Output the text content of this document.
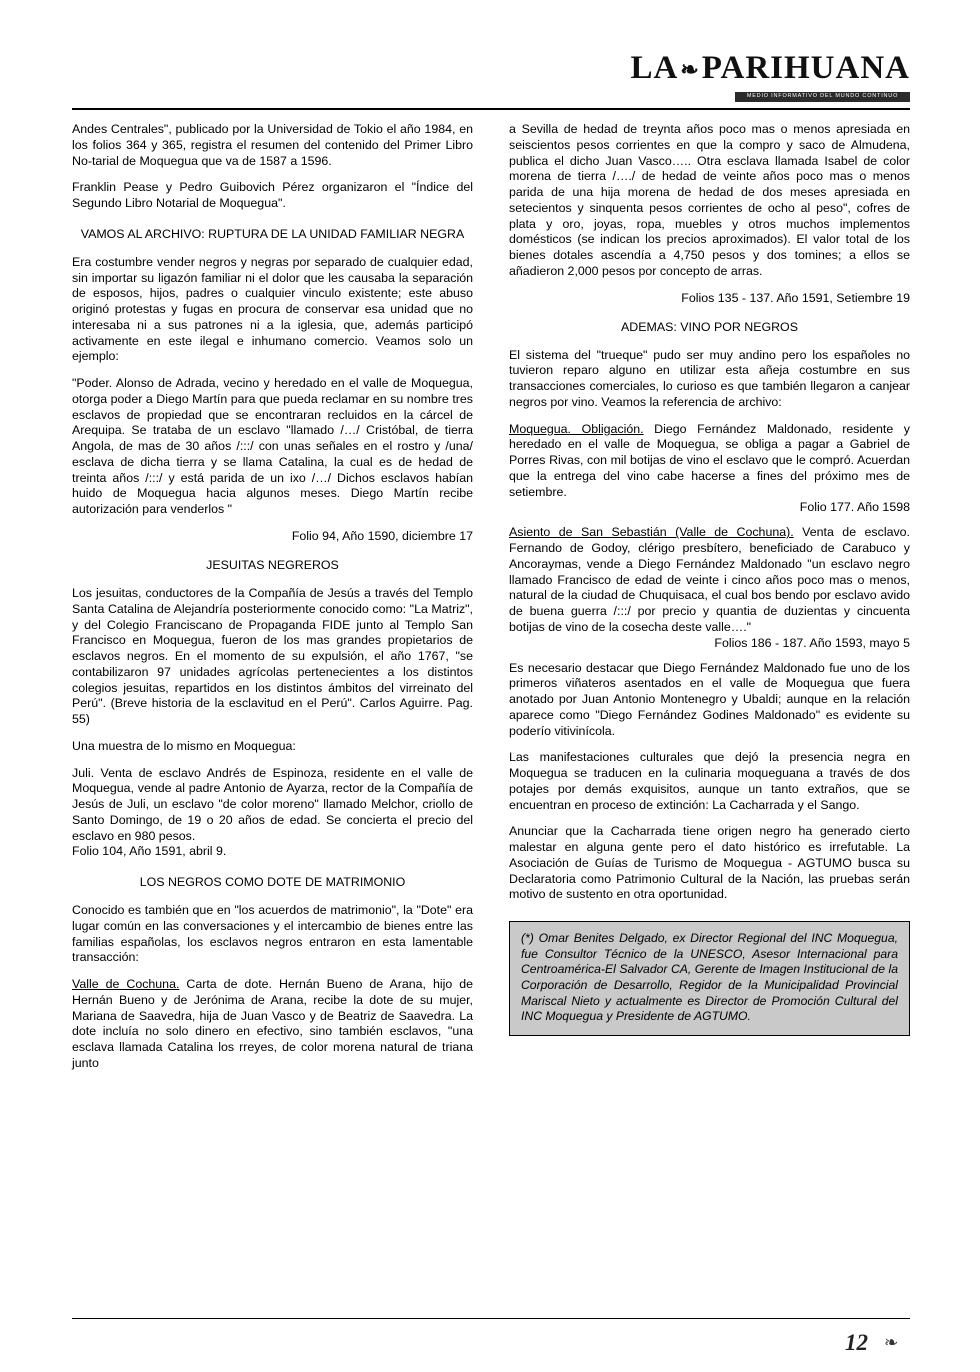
LA❧PARIHUANA
MEDIO INFORMATIVO DEL MUNDO CONTINUO

Andes Centrales", publicado por la Universidad de Tokio el año 1984, en los folios 364 y 365, registra el resumen del contenido del Primer Libro No-tarial de Moquegua que va de 1587 a 1596.

Franklin Pease y Pedro Guibovich Pérez organizaron el "Índice del Segundo Libro Notarial de Moquegua".

VAMOS AL ARCHIVO: RUPTURA DE LA UNIDAD FAMILIAR NEGRA

Era costumbre vender negros y negras por separado de cualquier edad, sin importar su ligazón familiar ni el dolor que les causaba la separación de esposos, hijos, padres o cualquier vinculo existente; este abuso originó protestas y fugas en procura de conservar esa unidad que no interesaba ni a sus patrones ni a la iglesia, que, además participó activamente en este ilegal e inhumano comercio. Veamos solo un ejemplo:

"Poder. Alonso de Adrada, vecino y heredado en el valle de Moquegua, otorga poder a Diego Martín para que pueda reclamar en su nombre tres esclavos de propiedad que se encontraran recluidos en la cárcel de Arequipa. Se trataba de un esclavo "llamado /…/ Cristóbal, de tierra Angola, de mas de 30 años /:::/ con unas señales en el rostro y /una/ esclava de dicha tierra y se llama Catalina, la cual es de hedad de treinta años /:::/ y está parida de un ixo /…/ Dichos esclavos habían huido de Moquegua hacia algunos meses. Diego Martín recibe autorización para venderlos "

Folio 94, Año 1590, diciembre 17
JESUITAS NEGREROS

Los jesuitas, conductores de la Compañía de Jesús a través del Templo Santa Catalina de Alejandría posteriormente conocido como: "La Matriz", y del Colegio Franciscano de Propaganda FIDE junto al Templo San Francisco en Moquegua, fueron de los mas grandes propietarios de esclavos negros. En el momento de su expulsión, el año 1767, "se contabilizaron 97 unidades agrícolas pertenecientes a los distintos colegios jesuitas, repartidos en los distintos ámbitos del virreinato del Perú". (Breve historia de la esclavitud en el Perú". Carlos Aguirre. Pag. 55)

Una muestra de lo mismo en Moquegua:

Juli. Venta de esclavo Andrés de Espinoza, residente en el valle de Moquegua, vende al padre Antonio de Ayarza, rector de la Compañía de Jesús de Juli, un esclavo "de color moreno" llamado Melchor, criollo de Santo Domingo, de 19 o 20 años de edad. Se concierta el precio del esclavo en 980 pesos.

Folio 104, Año 1591, abril 9.

LOS NEGROS COMO DOTE DE MATRIMONIO

Conocido es también que en "los acuerdos de matrimonio", la "Dote" era lugar común en las conversaciones y el intercambio de bienes entre las familias españolas, los esclavos negros entraron en esta lamentable transacción:

Valle de Cochuna. Carta de dote. Hernán Bueno de Arana, hijo de Hernán Bueno y de Jerónima de Arana, recibe la dote de su mujer, Mariana de Saavedra, hija de Juan Vasco y de Beatriz de Saavedra. La dote incluía no solo dinero en efectivo, sino también esclavos, "una esclava llamada Catalina los rreyes, de color morena natural de triana junto

a Sevilla de hedad de treynta años poco mas o menos apresiada en seiscientos pesos corrientes en que la compro y saco de Almudena, publica el dicho Juan Vasco….. Otra esclava llamada Isabel de color morena de tierra /…./ de hedad de veinte años poco mas o menos parida de una hija morena de hedad de dos meses apresiada en setecientos y sinquenta pesos corrientes de ocho al peso", cofres de plata y oro, joyas, ropa, muebles y otros muchos implementos domésticos (se indican los precios aproximados). El valor total de los bienes dotales ascendía a 4,750 pesos y dos tomines; a ellos se añadieron 2,000 pesos por concepto de arras.

Folios 135 - 137. Año 1591, Setiembre 19
ADEMAS: VINO POR NEGROS

El sistema del "trueque" pudo ser muy andino pero los españoles no tuvieron reparo alguno en utilizar esta añeja costumbre en sus transacciones comerciales, lo curioso es que también llegaron a canjear negros por vino. Veamos la referencia de archivo:

Moquegua. Obligación. Diego Fernández Maldonado, residente y heredado en el valle de Moquegua, se obliga a pagar a Gabriel de Porres Rivas, con mil botijas de vino el esclavo que le compró. Acuerdan que la entrega del vino cabe hacerse a fines del próximo mes de setiembre.

Folio 177. Año 1598

Asiento de San Sebastián (Valle de Cochuna). Venta de esclavo. Fernando de Godoy, clérigo presbítero, beneficiado de Carabuco y Ancoraymas, vende a Diego Fernández Maldonado "un esclavo negro llamado Francisco de edad de veinte i cinco años poco mas o menos, natural de la ciudad de Chuquisaca, el cual bos bendo por esclavo avido de buena guerra /:::/ por precio y quantia de duzientas y cincuenta botijas de vino de la cosecha deste valle…."

Folios 186 - 187. Año 1593, mayo 5

Es necesario destacar que Diego Fernández Maldonado fue uno de los primeros viñateros asentados en el valle de Moquegua que fuera anotado por Juan Antonio Montenegro y Ubaldi; aunque en la relación aparece como "Diego Fernández Godines Maldonado" es evidente su poderío vitivinícola.

Las manifestaciones culturales que dejó la presencia negra en Moquegua se traducen en la culinaria moqueguana a través de dos potajes por demás exquisitos, aunque un tanto extraños, que se encuentran en proceso de extinción: La Cacharrada y el Sango.

Anunciar que la Cacharrada tiene origen negro ha generado cierto malestar en alguna gente pero el dato histórico es irrefutable. La Asociación de Guías de Turismo de Moquegua - AGTUMO busca su Declaratoria como Patrimonio Cultural de la Nación, las pruebas serán motivo de sustento en otra oportunidad.

(*) Omar Benites Delgado, ex Director Regional del INC Moquegua, fue Consultor Técnico de la UNESCO, Asesor Internacional para Centroamérica-El Salvador CA, Gerente de Imagen Institucional de la Corporación de Desarrollo, Regidor de la Municipalidad Provincial Mariscal Nieto y actualmente es Director de Promoción Cultural del INC Moquegua y Presidente de AGTUMO.
12 ❧
